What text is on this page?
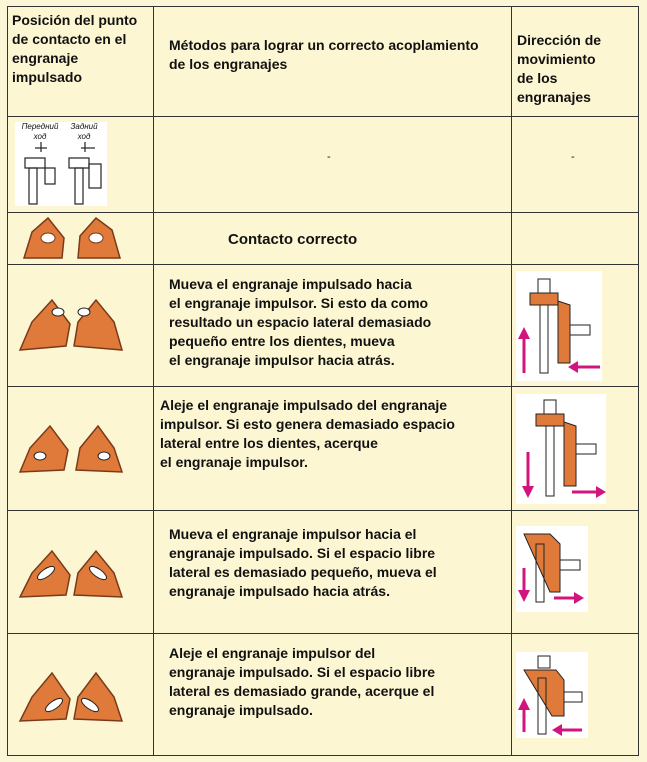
Posición del punto
de contacto en el
engranaje
impulsado
Métodos para lograr un correcto acoplamiento
de los engranajes
Dirección de
movimiento
de los
engranajes
Передний
ход
Задний
ход
-	-
Contacto correcto
Mueva el engranaje impulsado hacia
el engranaje impulsor. Si esto da como
resultado un espacio lateral demasiado
pequeño entre los dientes, mueva
el engranaje impulsor hacia atrás.
Aleje el engranaje impulsado del engranaje
impulsor. Si esto genera demasiado espacio
lateral entre los dientes, acerque
el engranaje impulsor.
Mueva el engranaje impulsor hacia el
engranaje impulsado. Si el espacio libre
lateral es demasiado pequeño, mueva el
engranaje impulsado hacia atrás.
Aleje el engranaje impulsor del
engranaje impulsado. Si el espacio libre
lateral es demasiado grande, acerque el
engranaje impulsado.
